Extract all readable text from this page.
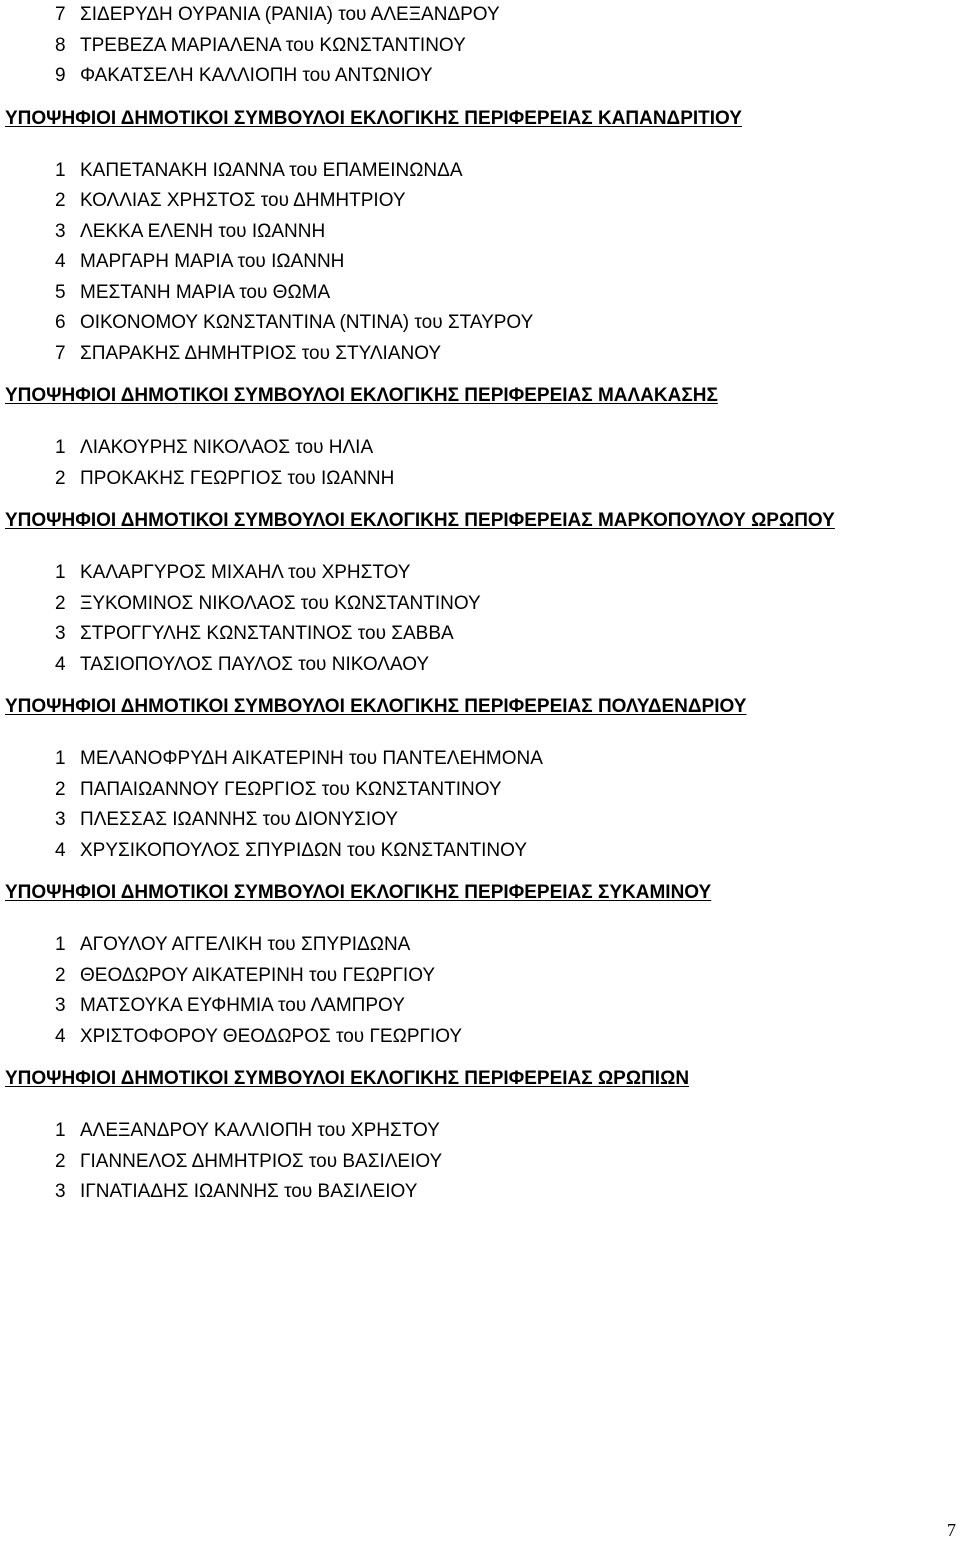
7 ΣΙΔΕΡΥΔΗ ΟΥΡΑΝΙΑ (ΡΑΝΙΑ) του ΑΛΕΞΑΝΔΡΟΥ
8 ΤΡΕΒΕΖΑ ΜΑΡΙΑΛΕΝΑ του ΚΩΝΣΤΑΝΤΙΝΟΥ
9 ΦΑΚΑΤΣΕΛΗ ΚΑΛΛΙΟΠΗ του ΑΝΤΩΝΙΟΥ
ΥΠΟΨΗΦΙΟΙ ΔΗΜΟΤΙΚΟΙ ΣΥΜΒΟΥΛΟΙ ΕΚΛΟΓΙΚΗΣ ΠΕΡΙΦΕΡΕΙΑΣ ΚΑΠΑΝΔΡΙΤΙΟΥ
1 ΚΑΠΕΤΑΝΑΚΗ ΙΩΑΝΝΑ του ΕΠΑΜΕΙΝΩΝΔΑ
2 ΚΟΛΛΙΑΣ ΧΡΗΣΤΟΣ του ΔΗΜΗΤΡΙΟΥ
3 ΛΕΚΚΑ ΕΛΕΝΗ του ΙΩΑΝΝΗ
4 ΜΑΡΓΑΡΗ ΜΑΡΙΑ του ΙΩΑΝΝΗ
5 ΜΕΣΤΑΝΗ ΜΑΡΙΑ του ΘΩΜΑ
6 ΟΙΚΟΝΟΜΟΥ ΚΩΝΣΤΑΝΤΙΝΑ (ΝΤΙΝΑ) του ΣΤΑΥΡΟΥ
7 ΣΠΑΡΑΚΗΣ ΔΗΜΗΤΡΙΟΣ του ΣΤΥΛΙΑΝΟΥ
ΥΠΟΨΗΦΙΟΙ ΔΗΜΟΤΙΚΟΙ ΣΥΜΒΟΥΛΟΙ ΕΚΛΟΓΙΚΗΣ ΠΕΡΙΦΕΡΕΙΑΣ ΜΑΛΑΚΑΣΗΣ
1 ΛΙΑΚΟΥΡΗΣ ΝΙΚΟΛΑΟΣ του ΗΛΙΑ
2 ΠΡΟΚΑΚΗΣ ΓΕΩΡΓΙΟΣ του ΙΩΑΝΝΗ
ΥΠΟΨΗΦΙΟΙ ΔΗΜΟΤΙΚΟΙ ΣΥΜΒΟΥΛΟΙ ΕΚΛΟΓΙΚΗΣ ΠΕΡΙΦΕΡΕΙΑΣ ΜΑΡΚΟΠΟΥΛΟΥ ΩΡΩΠΟΥ
1 ΚΑΛΑΡΓΥΡΟΣ ΜΙΧΑΗΛ του ΧΡΗΣΤΟΥ
2 ΞΥΚΟΜΙΝΟΣ ΝΙΚΟΛΑΟΣ του ΚΩΝΣΤΑΝΤΙΝΟΥ
3 ΣΤΡΟΓΓΥΛΗΣ ΚΩΝΣΤΑΝΤΙΝΟΣ του ΣΑΒΒΑ
4 ΤΑΣΙΟΠΟΥΛΟΣ ΠΑΥΛΟΣ του ΝΙΚΟΛΑΟΥ
ΥΠΟΨΗΦΙΟΙ ΔΗΜΟΤΙΚΟΙ ΣΥΜΒΟΥΛΟΙ ΕΚΛΟΓΙΚΗΣ ΠΕΡΙΦΕΡΕΙΑΣ ΠΟΛΥΔΕΝΔΡΙΟΥ
1 ΜΕΛΑΝΟΦΡΥΔΗ ΑΙΚΑΤΕΡΙΝΗ του ΠΑΝΤΕΛΕΗΜΟΝΑ
2 ΠΑΠΑΙΩΑΝΝΟΥ ΓΕΩΡΓΙΟΣ του ΚΩΝΣΤΑΝΤΙΝΟΥ
3 ΠΛΕΣΣΑΣ ΙΩΑΝΝΗΣ του ΔΙΟΝΥΣΙΟΥ
4 ΧΡΥΣΙΚΟΠΟΥΛΟΣ ΣΠΥΡΙΔΩΝ του ΚΩΝΣΤΑΝΤΙΝΟΥ
ΥΠΟΨΗΦΙΟΙ ΔΗΜΟΤΙΚΟΙ ΣΥΜΒΟΥΛΟΙ ΕΚΛΟΓΙΚΗΣ ΠΕΡΙΦΕΡΕΙΑΣ ΣΥΚΑΜΙΝΟΥ
1 ΑΓΟΥΛΟΥ ΑΓΓΕΛΙΚΗ του ΣΠΥΡΙΔΩΝΑ
2 ΘΕΟΔΩΡΟΥ ΑΙΚΑΤΕΡΙΝΗ του ΓΕΩΡΓΙΟΥ
3 ΜΑΤΣΟΥΚΑ ΕΥΦΗΜΙΑ του ΛΑΜΠΡΟΥ
4 ΧΡΙΣΤΟΦΟΡΟΥ ΘΕΟΔΩΡΟΣ του ΓΕΩΡΓΙΟΥ
ΥΠΟΨΗΦΙΟΙ ΔΗΜΟΤΙΚΟΙ ΣΥΜΒΟΥΛΟΙ ΕΚΛΟΓΙΚΗΣ ΠΕΡΙΦΕΡΕΙΑΣ ΩΡΩΠΙΩΝ
1 ΑΛΕΞΑΝΔΡΟΥ ΚΑΛΛΙΟΠΗ του ΧΡΗΣΤΟΥ
2 ΓΙΑΝΝΕΛΟΣ ΔΗΜΗΤΡΙΟΣ του ΒΑΣΙΛΕΙΟΥ
3 ΙΓΝΑΤΙΑΔΗΣ ΙΩΑΝΝΗΣ του ΒΑΣΙΛΕΙΟΥ
7
